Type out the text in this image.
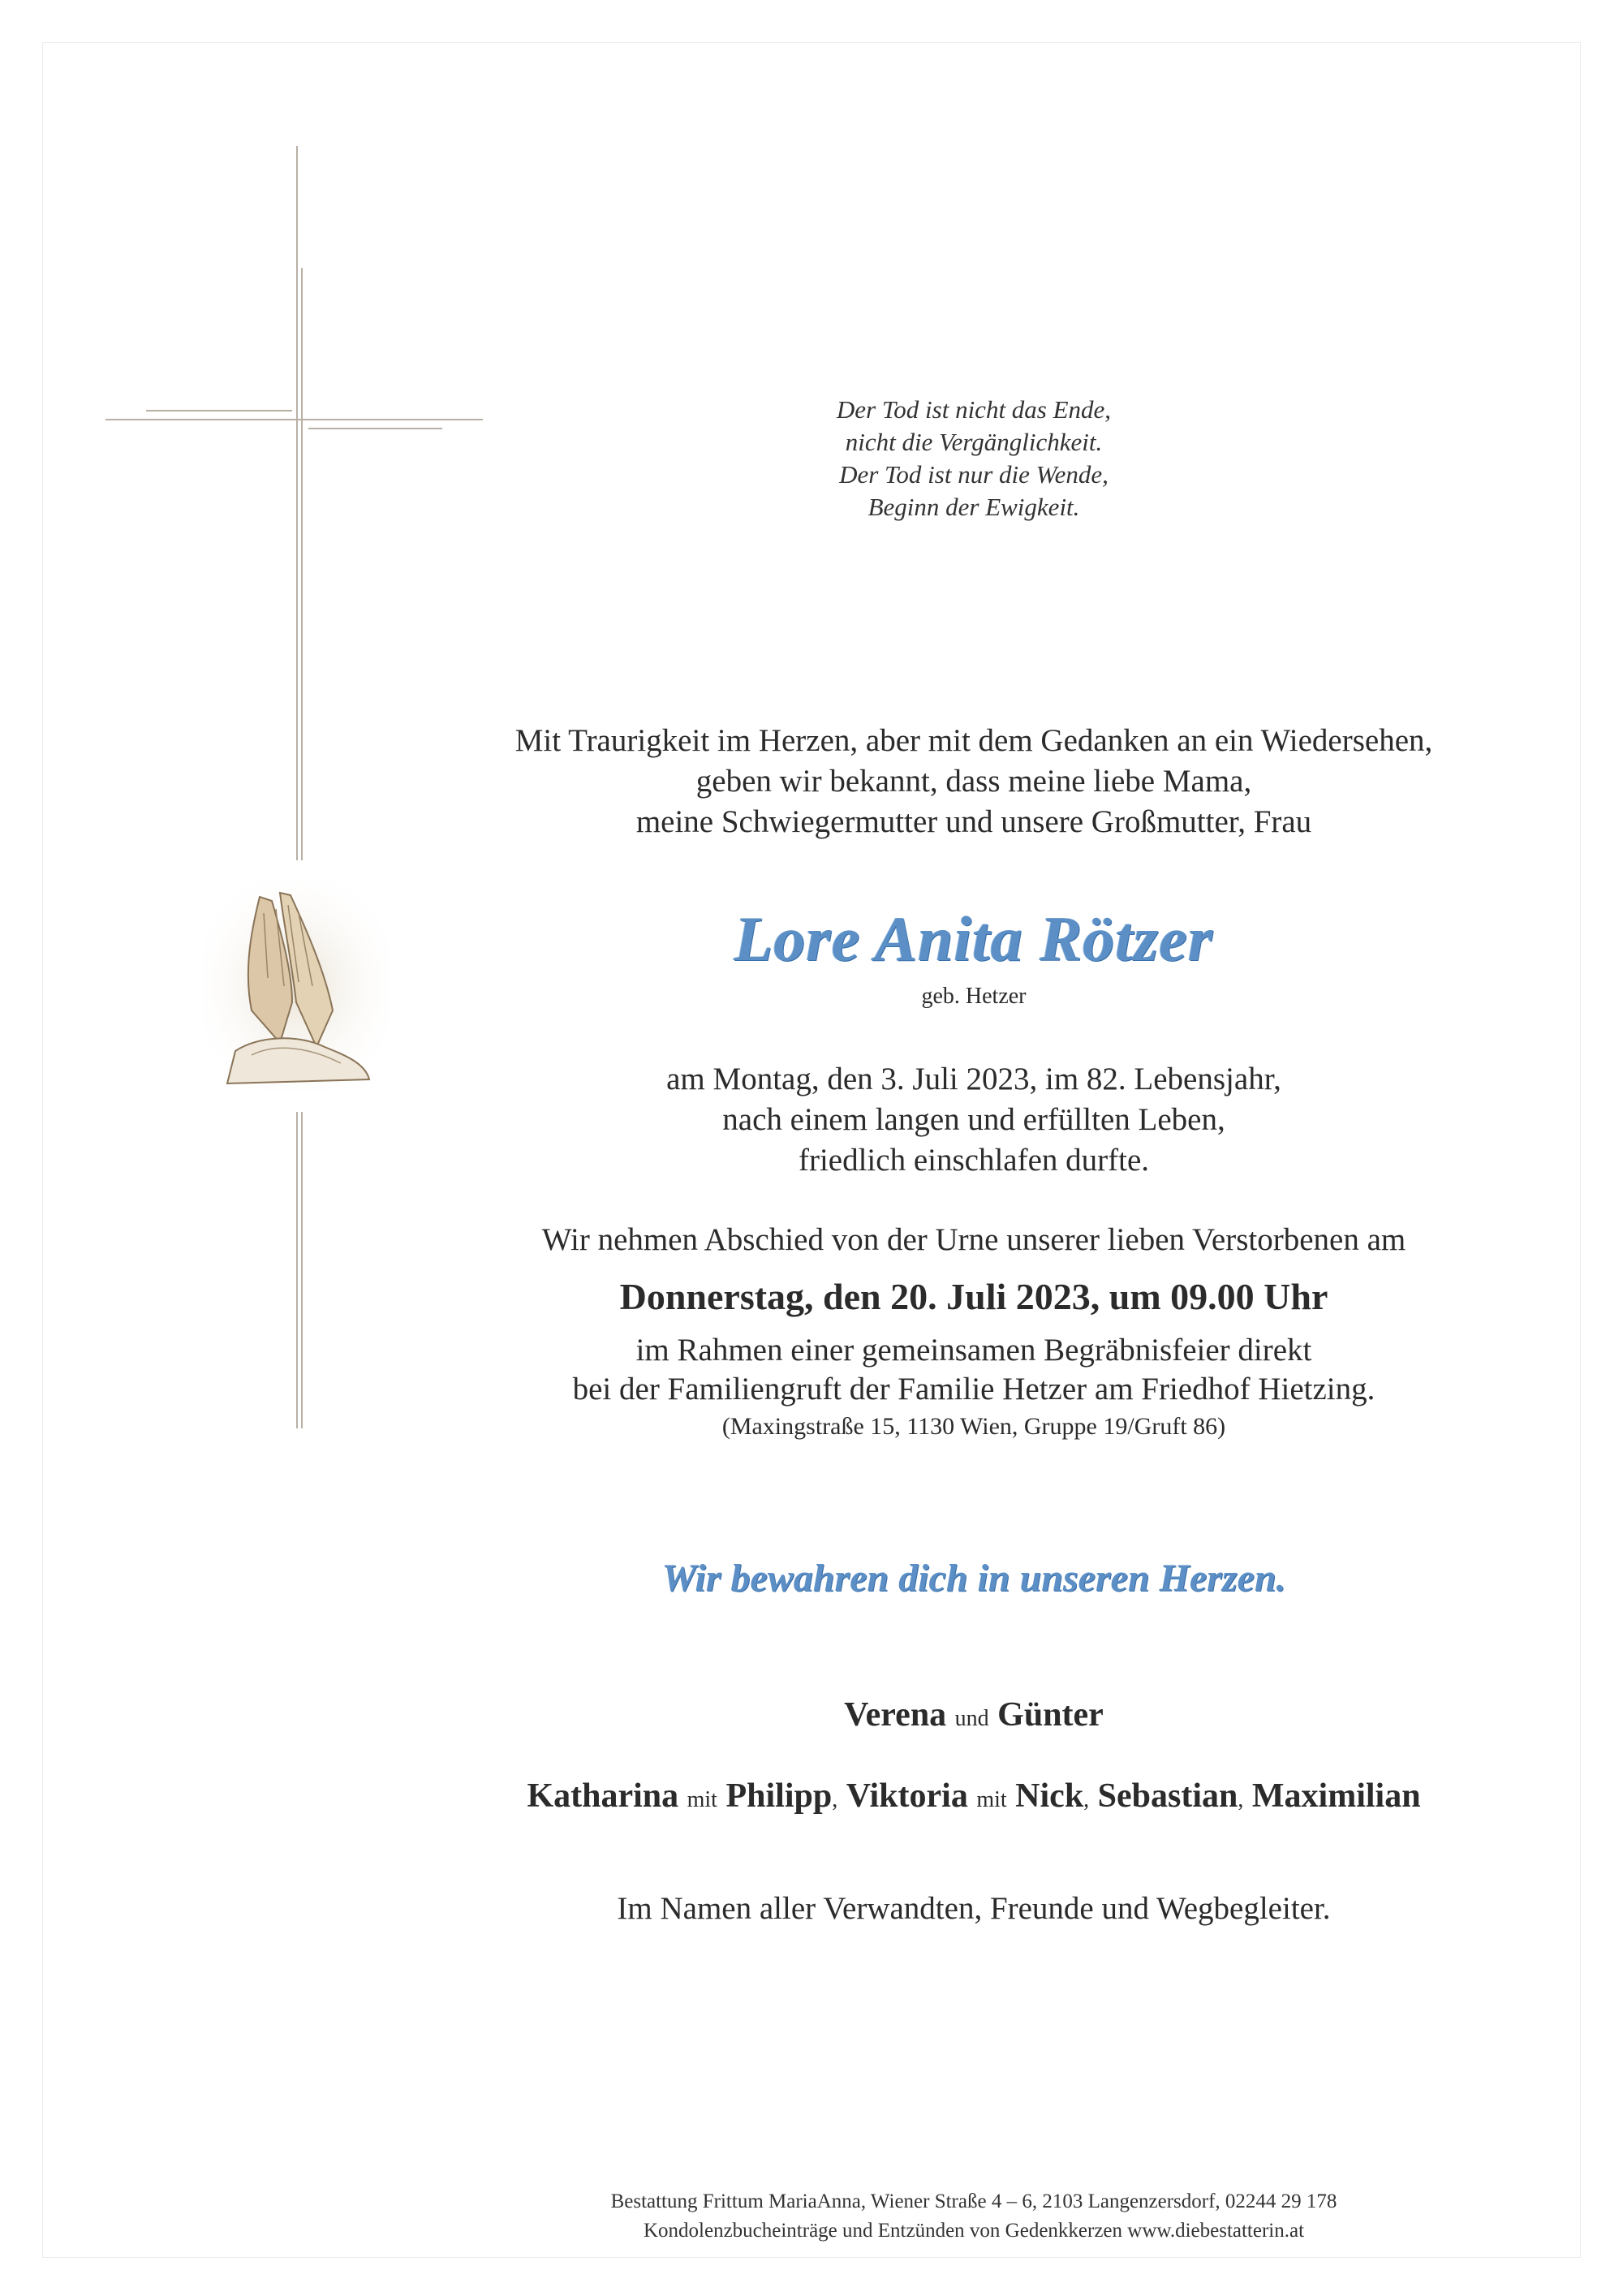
Der Tod ist nicht das Ende,
nicht die Vergänglichkeit.
Der Tod ist nur die Wende,
Beginn der Ewigkeit.
Mit Traurigkeit im Herzen, aber mit dem Gedanken an ein Wiedersehen,
geben wir bekannt, dass meine liebe Mama,
meine Schwiegermutter und unsere Großmutter, Frau
Lore Anita Rötzer
geb. Hetzer
am Montag, den 3. Juli 2023, im 82. Lebensjahr,
nach einem langen und erfüllten Leben,
friedlich einschlafen durfte.
Wir nehmen Abschied von der Urne unserer lieben Verstorbenen am
Donnerstag, den 20. Juli 2023, um 09.00 Uhr
im Rahmen einer gemeinsamen Begräbnisfeier direkt
bei der Familiengruft der Familie Hetzer am Friedhof Hietzing.
(Maxingstraße 15, 1130 Wien, Gruppe 19/Gruft 86)
Wir bewahren dich in unseren Herzen.
Verena und Günter
Katharina mit Philipp, Viktoria mit Nick, Sebastian, Maximilian
Im Namen aller Verwandten, Freunde und Wegbegleiter.
Bestattung Frittum MariaAnna, Wiener Straße 4 – 6, 2103 Langenzersdorf, 02244 29 178
Kondolenzbucheinträge und Entzünden von Gedenkkerzen www.diebestatterin.at
